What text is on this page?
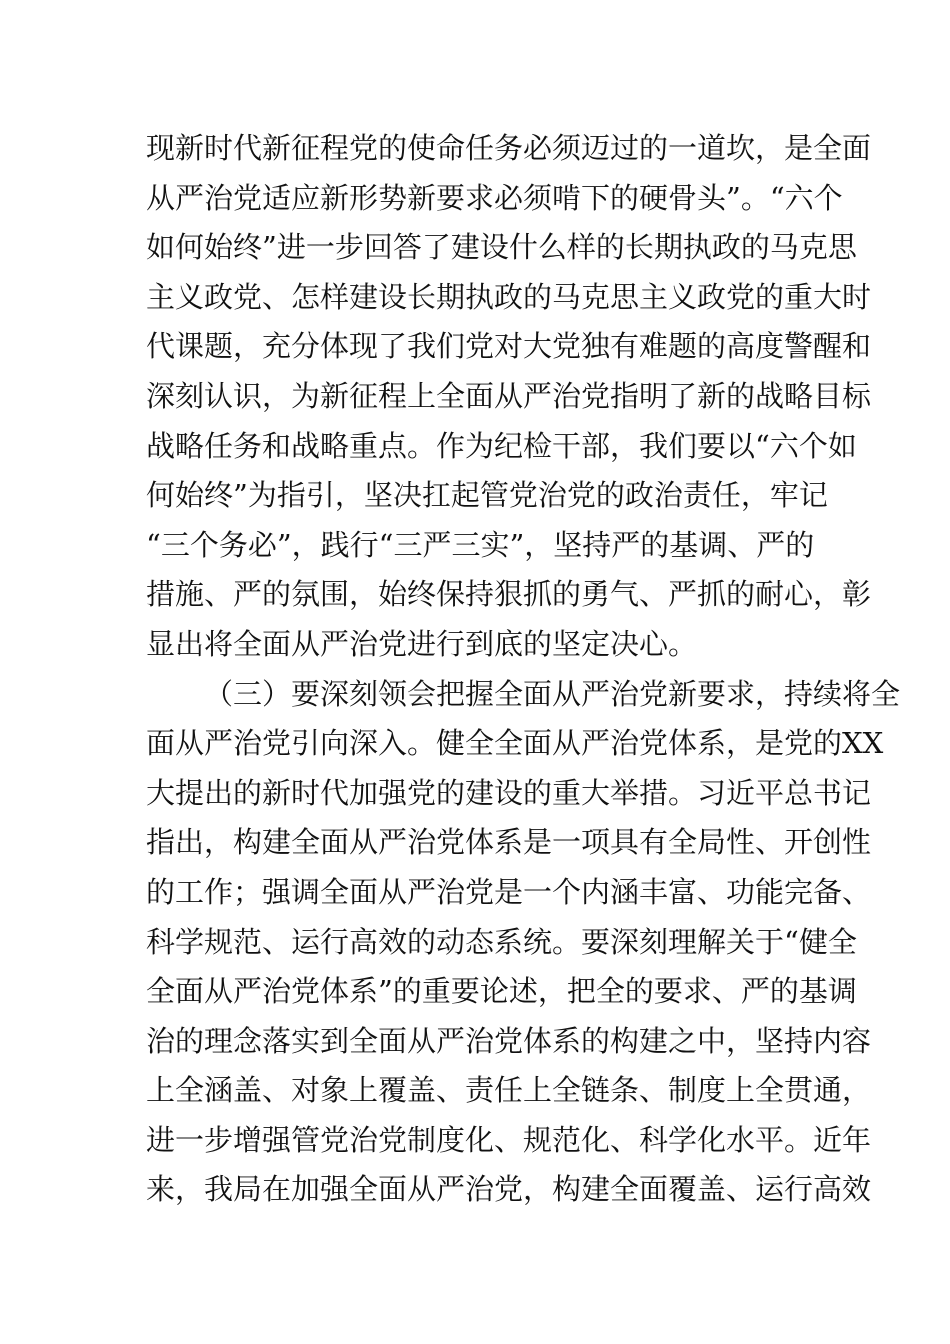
现新时代新征程党的使命任务必须迈过的一道坎，是全面
从严治党适应新形势新要求必须啃下的硬骨头”。“六个
如何始终”进一步回答了建设什么样的长期执政的马克思
主义政党、怎样建设长期执政的马克思主义政党的重大时
代课题，充分体现了我们党对大党独有难题的高度警醒和
深刻认识，为新征程上全面从严治党指明了新的战略目标
战略任务和战略重点。作为纪检干部，我们要以“六个如
何始终”为指引，坚决扛起管党治党的政治责任，牢记
“三个务必”，践行“三严三实”，坚持严的基调、严的
措施、严的氛围，始终保持狠抓的勇气、严抓的耐心，彰
显出将全面从严治党进行到底的坚定决心。
（三）要深刻领会把握全面从严治党新要求，持续将全
面从严治党引向深入。健全全面从严治党体系，是党的XX
大提出的新时代加强党的建设的重大举措。习近平总书记
指出，构建全面从严治党体系是一项具有全局性、开创性
的工作；强调全面从严治党是一个内涵丰富、功能完备、
科学规范、运行高效的动态系统。要深刻理解关于“健全
全面从严治党体系”的重要论述，把全的要求、严的基调
治的理念落实到全面从严治党体系的构建之中，坚持内容
上全涵盖、对象上覆盖、责任上全链条、制度上全贯通，
进一步增强管党治党制度化、规范化、科学化水平。近年
来，我局在加强全面从严治党，构建全面覆盖、运行高效
